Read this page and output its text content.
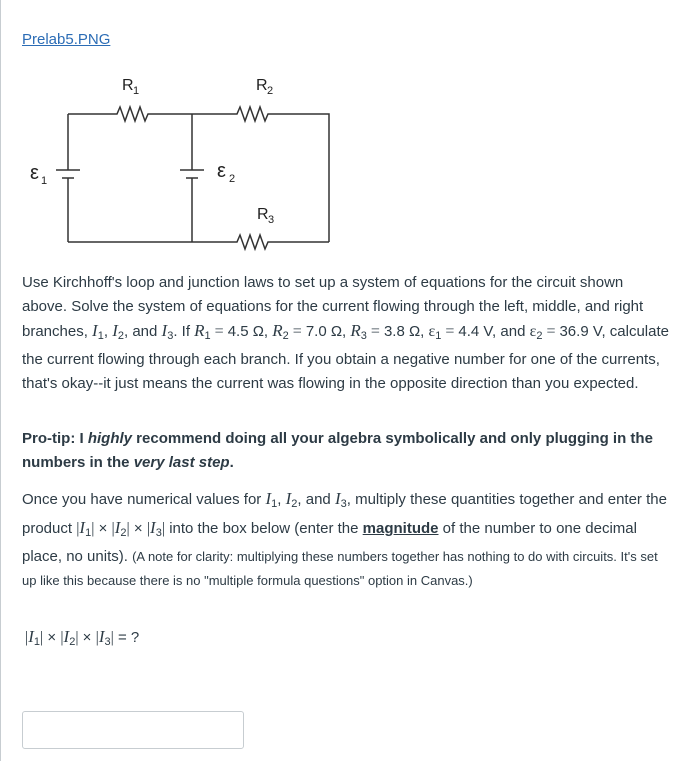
Prelab5.PNG
R 1	R 2
R 3
ε 1	ε 2

Use Kirchhoff's loop and junction laws to set up a system of equations for the circuit shown above. Solve the system of equations for the current flowing through the left, middle, and right branches, $I_1$, $I_2$, and $I_3$. If $R_1 = 4.5$ Ω, $R_2 = 7.0$ Ω, $R_3 = 3.8$ Ω, $\varepsilon_1 = 4.4$ V, and $\varepsilon_2 = 36.9$ V, calculate the current flowing through each branch. If you obtain a negative number for one of the currents, that's okay--it just means the current was flowing in the opposite direction than you expected.

Pro-tip: I highly recommend doing all your algebra symbolically and only plugging in the numbers in the very last step.

Once you have numerical values for $I_1$, $I_2$, and $I_3$, multiply these quantities together and enter the product $|I_1| \times |I_2| \times |I_3|$ into the box below (enter the magnitude of the number to one decimal place, no units). (A note for clarity: multiplying these numbers together has nothing to do with circuits. It's set up like this because there is no "multiple formula questions" option in Canvas.)

$|I_1| \times |I_2| \times |I_3|$ = ?
